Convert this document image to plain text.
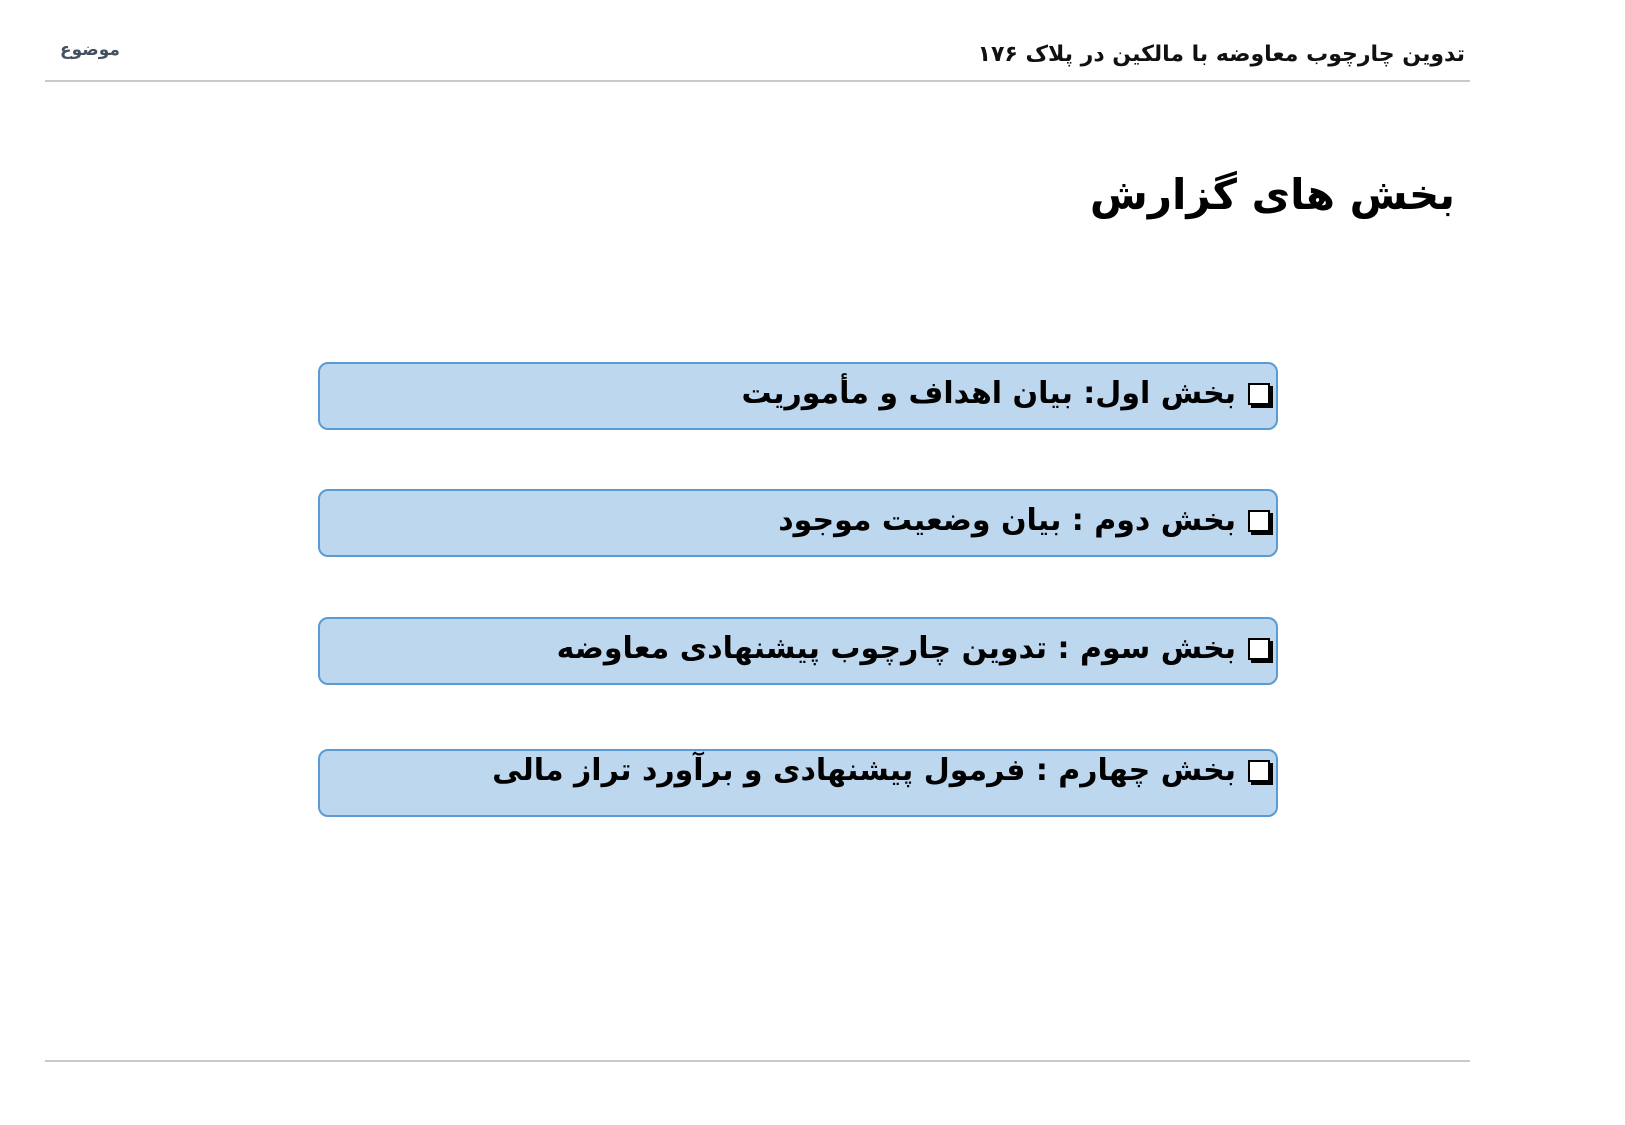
موضوع	تدوین چارچوب معاوضه با مالکین در پلاک ۱۷۶
بخش های گزارش
بخش اول: بیان اهداف و مأموریت
بخش دوم : بیان وضعیت موجود
بخش سوم : تدوین چارچوب پیشنهادی معاوضه
بخش چهارم : فرمول پیشنهادی و برآورد تراز مالی
